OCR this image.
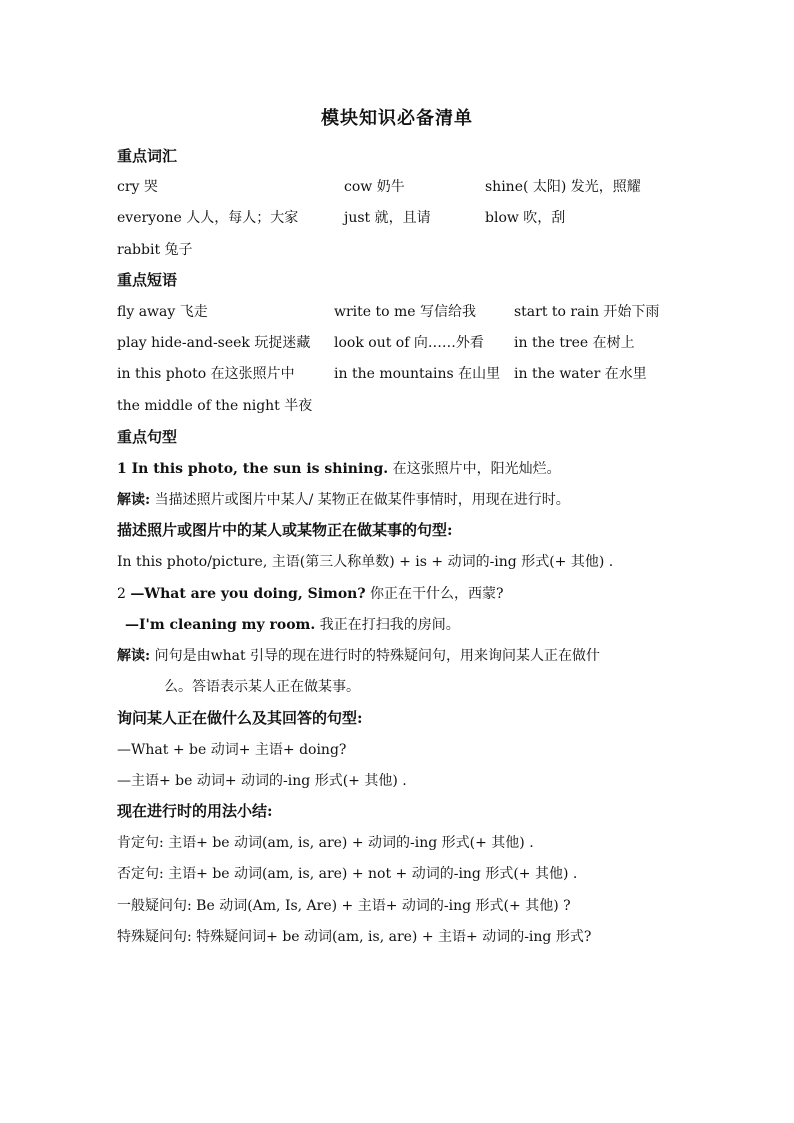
模块知识必备清单
重点词汇
cry 哭	cow 奶牛	shine( 太阳) 发光，照耀
everyone 人人，每人；大家	just 就，且请	blow 吹，刮
rabbit 兔子
重点短语
fly away 飞走	write to me 写信给我	start to rain 开始下雨
play hide-and-seek 玩捉迷藏 look out of 向……外看 in the tree 在树上
in this photo 在这张照片中	in the mountains 在山里 in the water 在水里
the middle of the night 半夜
重点句型
1 In this photo, the sun is shining. 在这张照片中，阳光灿烂。
解读: 当描述照片或图片中某人/ 某物正在做某件事情时，用现在进行时。
描述照片或图片中的某人或某物正在做某事的句型:
In this photo/picture, 主语(第三人称单数) + is + 动词的-ing 形式(+ 其他) .
2 —What are you doing, Simon? 你正在干什么，西蒙?
—I'm cleaning my room. 我正在打扫我的房间。
解读: 问句是由what 引导的现在进行时的特殊疑问句，用来询问某人正在做什
么。答语表示某人正在做某事。
询问某人正在做什么及其回答的句型:
—What + be 动词+ 主语+ doing?
—主语+ be 动词+ 动词的-ing 形式(+ 其他) .
现在进行时的用法小结:
肯定句: 主语+ be 动词(am, is, are) + 动词的-ing 形式(+ 其他) .
否定句: 主语+ be 动词(am, is, are) + not + 动词的-ing 形式(+ 其他) .
一般疑问句: Be 动词(Am, Is, Are) + 主语+ 动词的-ing 形式(+ 其他) ?
特殊疑问句: 特殊疑问词+ be 动词(am, is, are) + 主语+ 动词的-ing 形式?
